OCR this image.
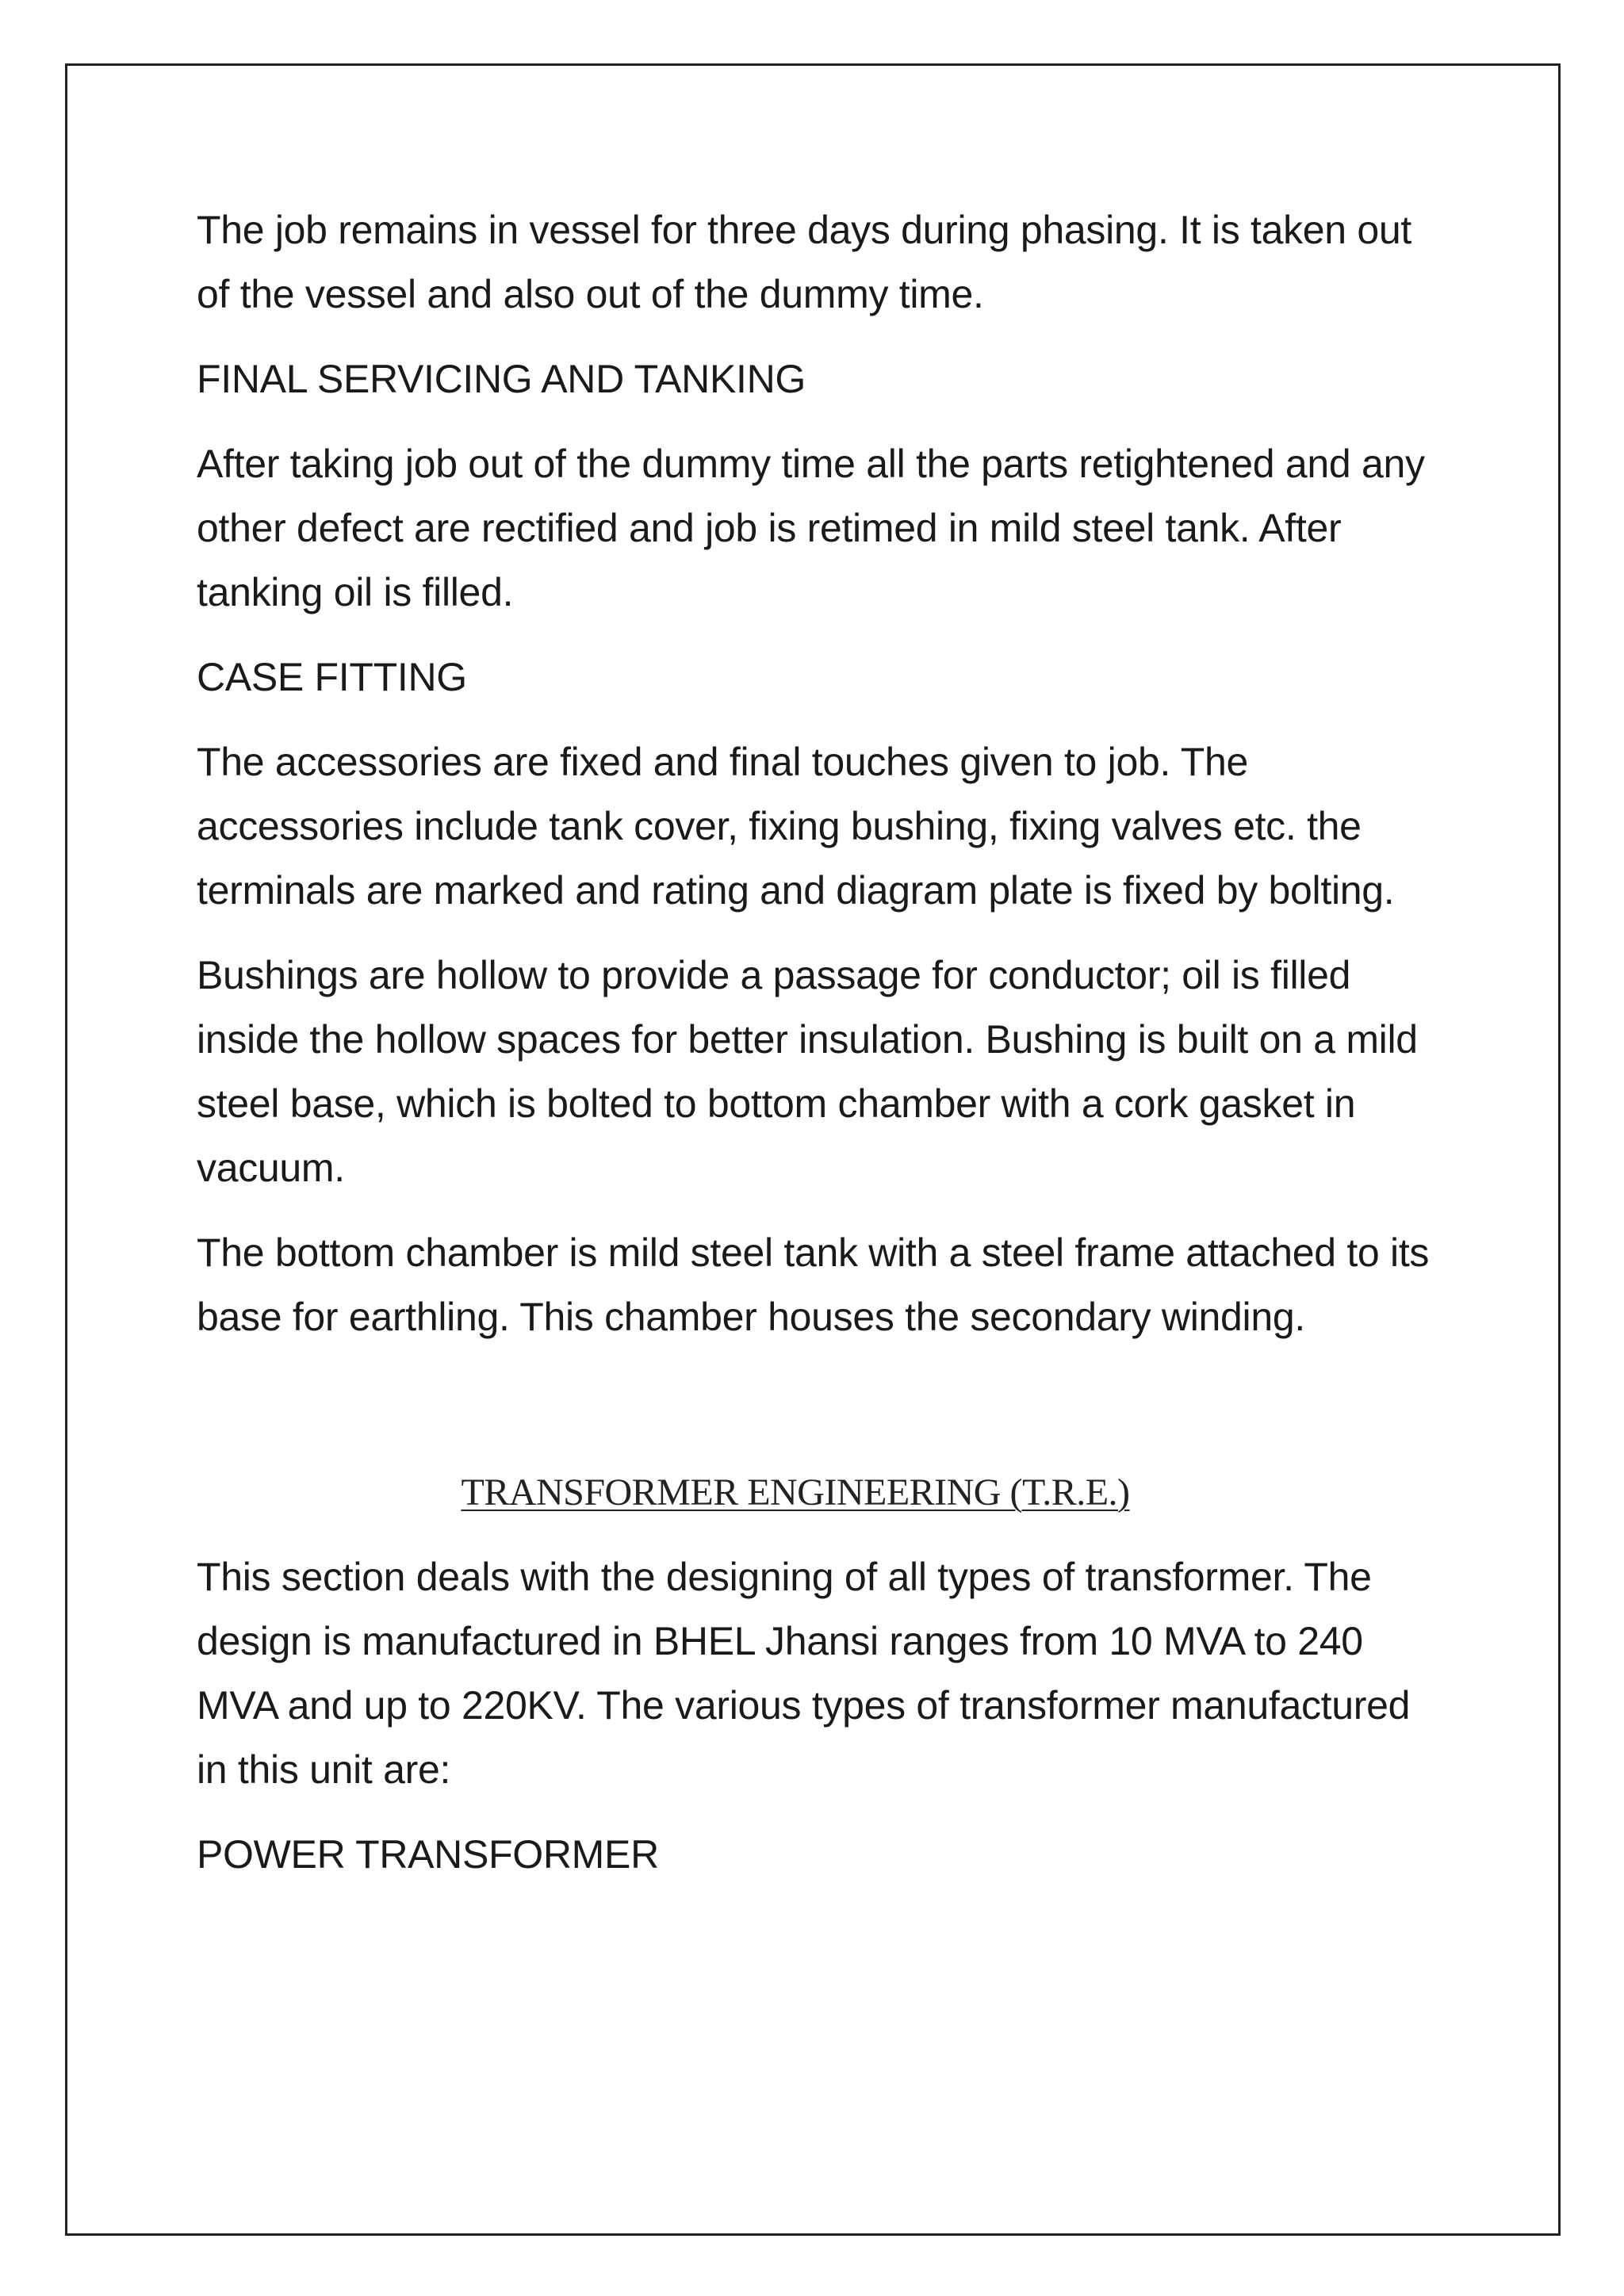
The job remains in vessel for three days during phasing. It is taken out of the vessel and also out of the dummy time.

FINAL SERVICING AND TANKING

After taking job out of the dummy time all the parts retightened and any other defect are rectified and job is retimed in mild steel tank. After tanking oil is filled.

CASE FITTING

The accessories are fixed and final touches given to job. The accessories include tank cover, fixing bushing, fixing valves etc. the terminals are marked and rating and diagram plate is fixed by bolting.

Bushings are hollow to provide a passage for conductor; oil is filled inside the hollow spaces for better insulation. Bushing is built on a mild steel base, which is bolted to bottom chamber with a cork gasket in vacuum.

The bottom chamber is mild steel tank with a steel frame attached to its base for earthling. This chamber houses the secondary winding.

TRANSFORMER ENGINEERING (T.R.E.)

This section deals with the designing of all types of transformer. The design is manufactured in BHEL Jhansi ranges from 10 MVA to 240 MVA and up to 220KV. The various types of transformer manufactured in this unit are:

POWER TRANSFORMER
